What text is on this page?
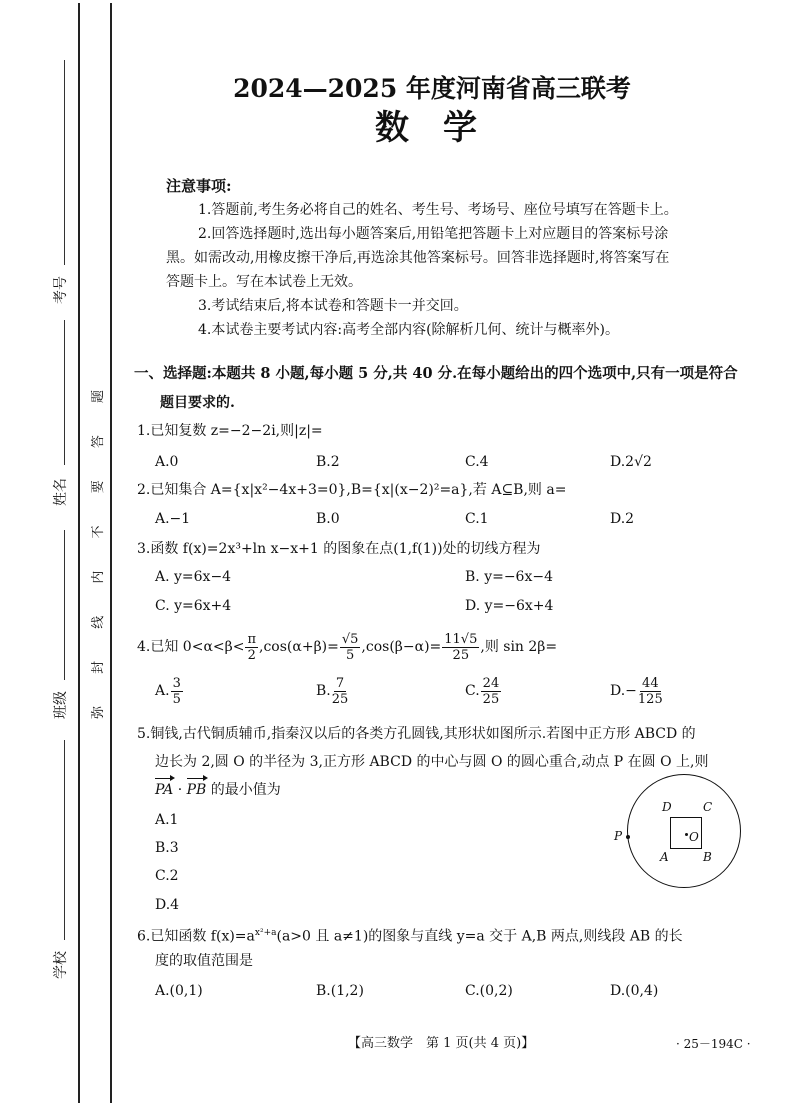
考号
姓名
班级
学校
弥 封 线 内 不 要 答 题
2024—2025 年度河南省高三联考
数　学
注意事项:
1.答题前,考生务必将自己的姓名、考生号、考场号、座位号填写在答题卡上。
2.回答选择题时,选出每小题答案后,用铅笔把答题卡上对应题目的答案标号涂
黑。如需改动,用橡皮擦干净后,再选涂其他答案标号。回答非选择题时,将答案写在
答题卡上。写在本试卷上无效。
3.考试结束后,将本试卷和答题卡一并交回。
4.本试卷主要考试内容:高考全部内容(除解析几何、统计与概率外)。
一、选择题:本题共 8 小题,每小题 5 分,共 40 分.在每小题给出的四个选项中,只有一项是符合
题目要求的.
1.已知复数 z=−2−2i,则|z|=
A.0	B.2	C.4	D.2√2
2.已知集合 A={x|x²−4x+3=0},B={x|(x−2)²=a},若 A⊆B,则 a=
A.−1	B.0	C.1	D.2
3.函数 f(x)=2x³+ln x−x+1 的图象在点(1,f(1))处的切线方程为
A. y=6x−4	B. y=−6x−4
C. y=6x+4	D. y=−6x+4
4.已知 $0<\alpha<\beta< \frac{\pi}{2} ,\cos(\alpha+\beta)= \frac{√5}{5} ,\cos(\beta-\alpha)= \frac{11√5}{25}$ ,则 sin 2β=
A. $\frac{3}{5}$	B. $\frac{7}{25}$	C. $\frac{24}{25}$	$D.- \frac{44}{125}$
5.铜钱,古代铜质辅币,指秦汉以后的各类方孔圆钱,其形状如图所示.若图中正方形 ABCD 的
边长为 2,圆 O 的半径为 3,正方形 ABCD 的中心与圆 O 的圆心重合,动点 P 在圆 O 上,则
PA · PB 的最小值为
A.1
B.3
C.2
D.4
D	C
A	B
O
P
6.已知函数 $f(x)=a^{x^2+a}(a>0$ 且 a≠1)的图象与直线 y=a 交于 A,B 两点,则线段 AB 的长
度的取值范围是
A.(0,1)	B.(1,2)	C.(0,2)	D.(0,4)
【高三数学　第 1 页(共 4 页)】	· 25－194C ·
